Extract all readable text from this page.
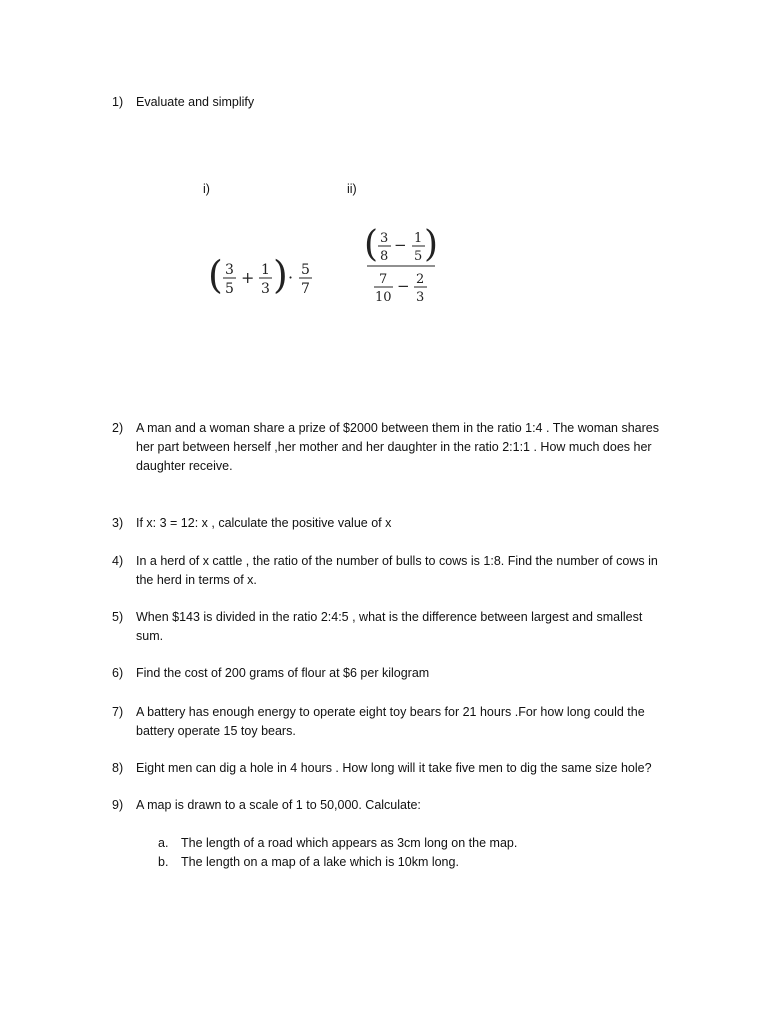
1) Evaluate and simplify
i)	ii)
( 3
5
+ 1
3 ) · 5
7
( 3
8
− 1
5 )
7
10
− 2
3
2) A man and a woman share a prize of $2000 between them in the ratio 1:4 . The woman shares
her part between herself ,her mother and her daughter in the ratio 2:1:1 . How much does her
daughter receive.
3) If x: 3 = 12: x , calculate the positive value of x
4) In a herd of x cattle , the ratio of the number of bulls to cows is 1:8. Find the number of cows in
the herd in terms of x.
5) When $143 is divided in the ratio 2:4:5 , what is the difference between largest and smallest
sum.
6) Find the cost of 200 grams of flour at $6 per kilogram
7) A battery has enough energy to operate eight toy bears for 21 hours .For how long could the
battery operate 15 toy bears.
8) Eight men can dig a hole in 4 hours . How long will it take five men to dig the same size hole?
9) A map is drawn to a scale of 1 to 50,000. Calculate:
a. The length of a road which appears as 3cm long on the map.
b. The length on a map of a lake which is 10km long.
